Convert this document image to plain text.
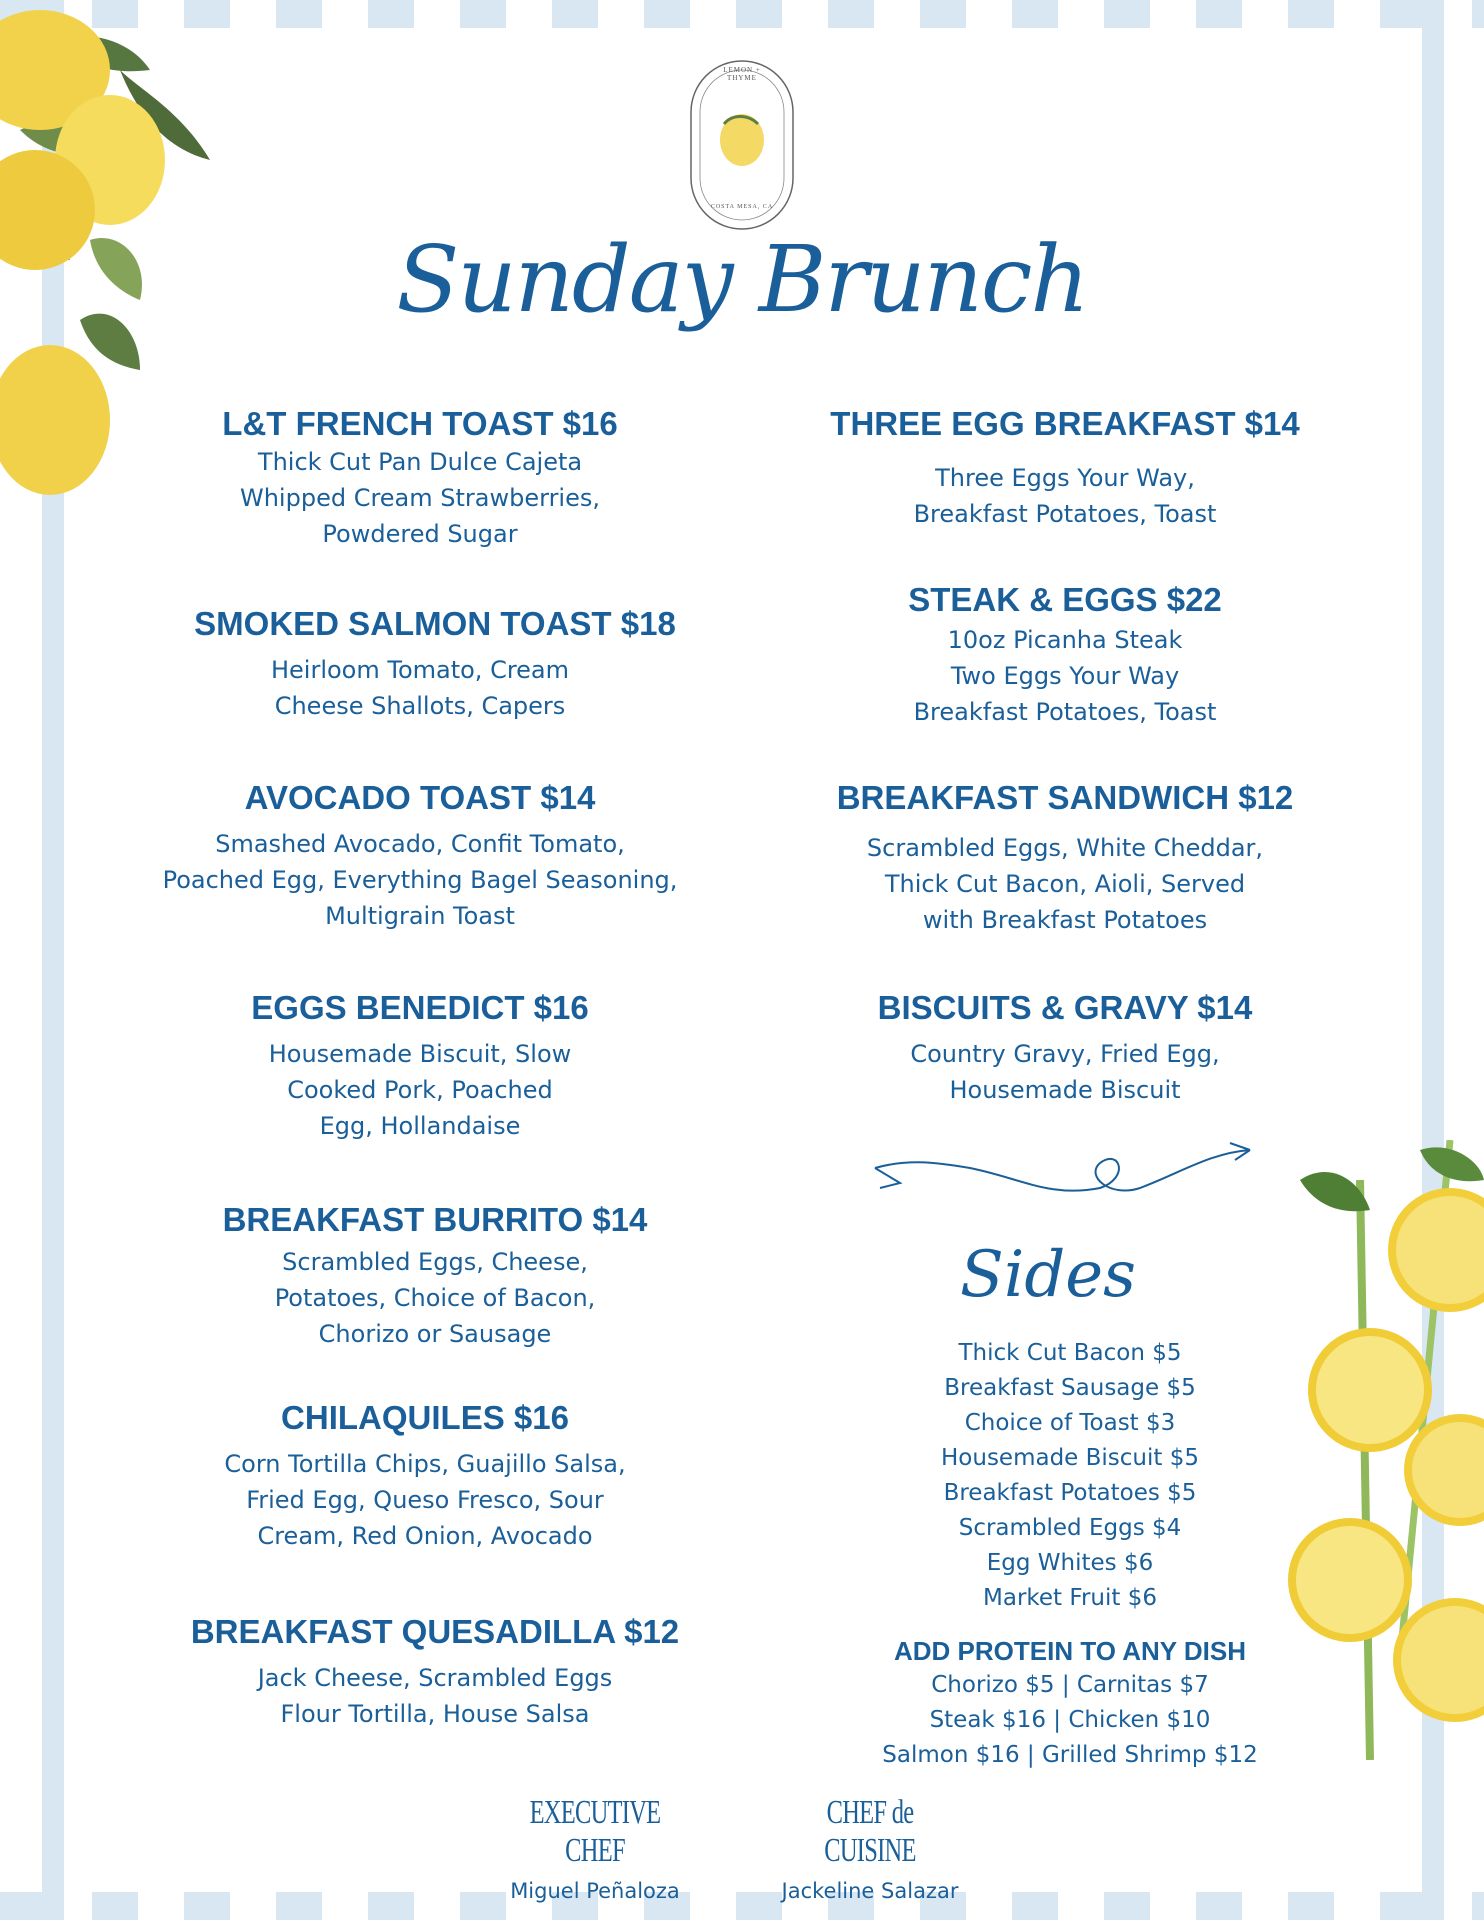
LEMON + THYME
COSTA MESA, CA
Sunday Brunch
L&T FRENCH TOAST $16

Thick Cut Pan Dulce Cajeta

Whipped Cream Strawberries,

Powdered Sugar

SMOKED SALMON TOAST $18

Heirloom Tomato, Cream

Cheese Shallots, Capers

AVOCADO TOAST $14

Smashed Avocado, Confit Tomato,

Poached Egg, Everything Bagel Seasoning,

Multigrain Toast

EGGS BENEDICT $16

Housemade Biscuit, Slow

Cooked Pork, Poached

Egg, Hollandaise

BREAKFAST BURRITO $14

Scrambled Eggs, Cheese,

Potatoes, Choice of Bacon,

Chorizo or Sausage

CHILAQUILES $16

Corn Tortilla Chips, Guajillo Salsa,

Fried Egg, Queso Fresco, Sour

Cream, Red Onion, Avocado

BREAKFAST QUESADILLA $12

Jack Cheese, Scrambled Eggs

Flour Tortilla, House Salsa

THREE EGG BREAKFAST $14

Three Eggs Your Way,

Breakfast Potatoes, Toast

STEAK & EGGS $22

10oz Picanha Steak

Two Eggs Your Way

Breakfast Potatoes, Toast

BREAKFAST SANDWICH $12

Scrambled Eggs, White Cheddar,

Thick Cut Bacon, Aioli, Served

with Breakfast Potatoes

BISCUITS & GRAVY $14

Country Gravy, Fried Egg,

Housemade Biscuit

Sides
Thick Cut Bacon $5
Breakfast Sausage $5
Choice of Toast $3
Housemade Biscuit $5
Breakfast Potatoes $5
Scrambled Eggs $4
Egg Whites $6
Market Fruit $6
ADD PROTEIN TO ANY DISH
Chorizo $5 | Carnitas $7
Steak $16 | Chicken $10
Salmon $16 | Grilled Shrimp $12
EXECUTIVE CHEF
Miguel Peñaloza
CHEF de CUISINE
Jackeline Salazar
